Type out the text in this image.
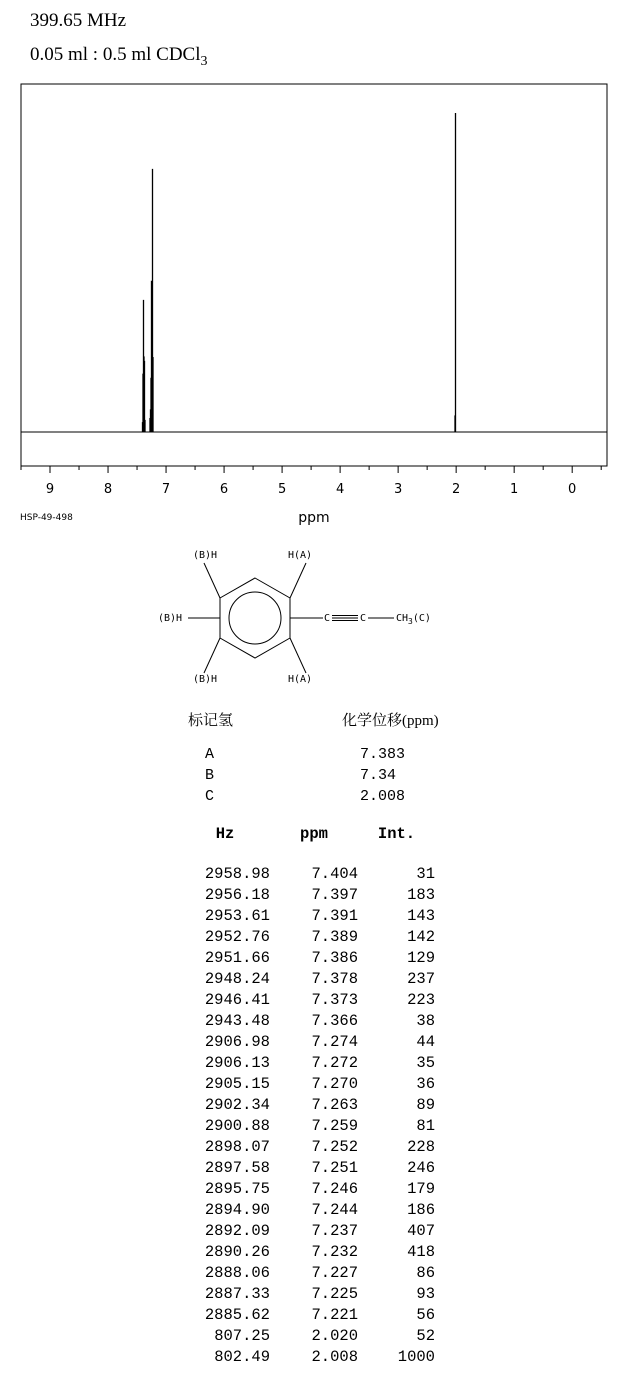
399.65 MHz
0.05 ml : 0.5 ml CDCl$_3$
9	8	7	6	5	4	3	2	1	0
ppm
HSP-49-498
(B)H	H(A)
(B)H
(B)H	H(A)
C	C	$CH_3(C)$
标记氢	化学位移(ppm)
A	7.383
B	7.34
C	2.008
Hz	ppm	Int.

2958.98	7.404	31
2956.18	7.397	183
2953.61	7.391	143
2952.76	7.389	142
2951.66	7.386	129
2948.24	7.378	237
2946.41	7.373	223
2943.48	7.366	38
2906.98	7.274	44
2906.13	7.272	35
2905.15	7.270	36
2902.34	7.263	89
2900.88	7.259	81
2898.07	7.252	228
2897.58	7.251	246
2895.75	7.246	179
2894.90	7.244	186
2892.09	7.237	407
2890.26	7.232	418
2888.06	7.227	86
2887.33	7.225	93
2885.62	7.221	56
807.25	2.020	52
802.49	2.008	1000
